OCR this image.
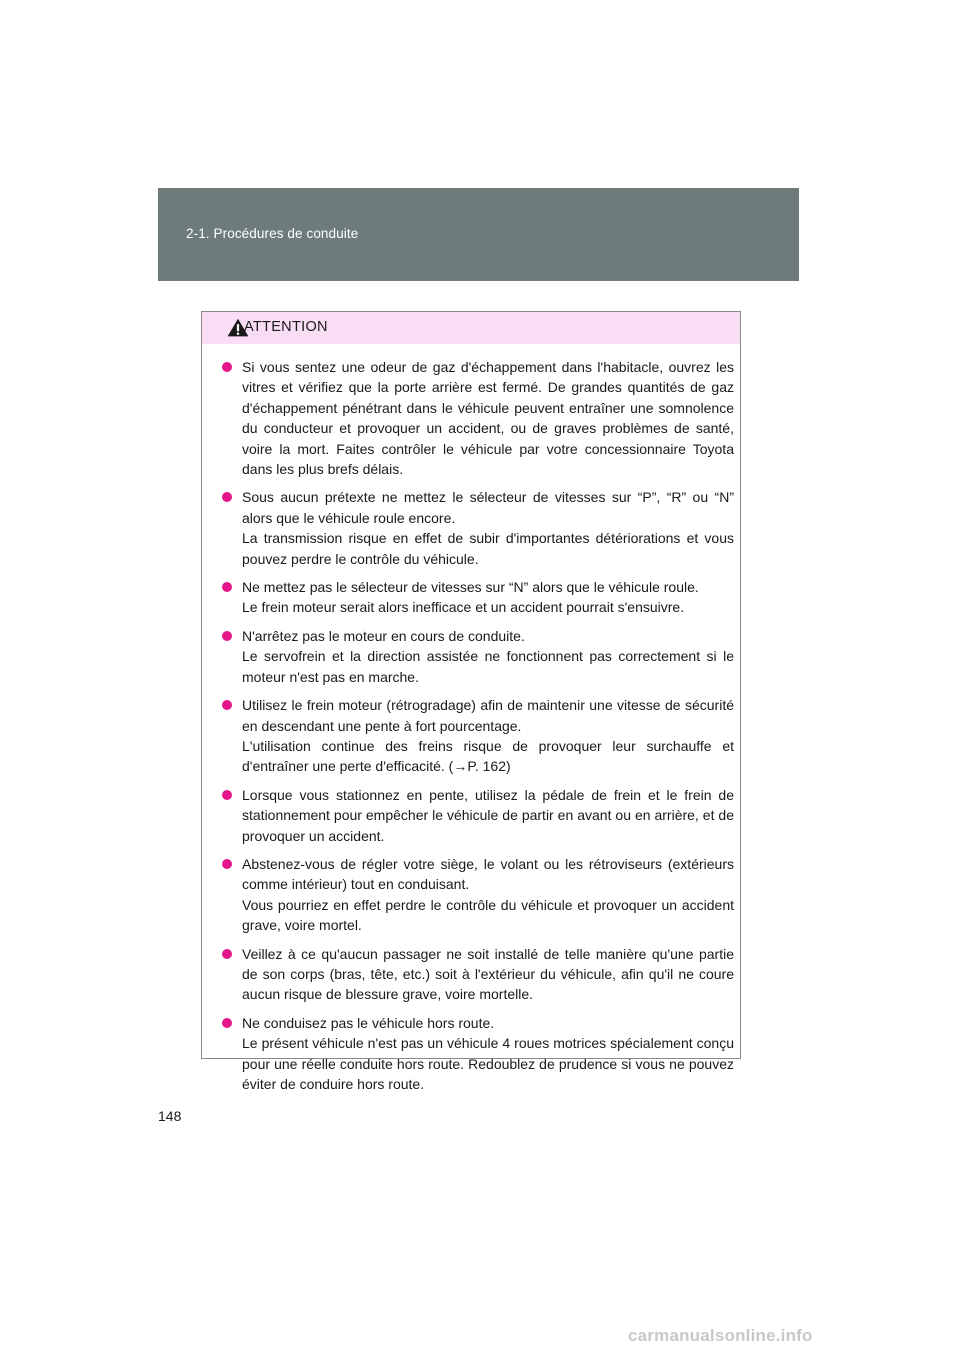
2-1. Procédures de conduite
ATTENTION
Si vous sentez une odeur de gaz d'échappement dans l'habitacle, ouvrez les vitres et vérifiez que la porte arrière est fermé. De grandes quantités de gaz d'échappement pénétrant dans le véhicule peuvent entraîner une somnolence du conducteur et provoquer un accident, ou de graves problèmes de santé, voire la mort. Faites contrôler le véhicule par votre concessionnaire Toyota dans les plus brefs délais.
Sous aucun prétexte ne mettez le sélecteur de vitesses sur “P”, “R” ou “N” alors que le véhicule roule encore.
La transmission risque en effet de subir d'importantes détériorations et vous pouvez perdre le contrôle du véhicule.
Ne mettez pas le sélecteur de vitesses sur “N” alors que le véhicule roule.
Le frein moteur serait alors inefficace et un accident pourrait s'ensuivre.
N'arrêtez pas le moteur en cours de conduite.
Le servofrein et la direction assistée ne fonctionnent pas correctement si le moteur n'est pas en marche.
Utilisez le frein moteur (rétrogradage) afin de maintenir une vitesse de sécurité en descendant une pente à fort pourcentage.
L'utilisation continue des freins risque de provoquer leur surchauffe et d'entraîner une perte d'efficacité. (→P. 162)
Lorsque vous stationnez en pente, utilisez la pédale de frein et le frein de stationnement pour empêcher le véhicule de partir en avant ou en arrière, et de provoquer un accident.
Abstenez-vous de régler votre siège, le volant ou les rétroviseurs (extérieurs comme intérieur) tout en conduisant.
Vous pourriez en effet perdre le contrôle du véhicule et provoquer un accident grave, voire mortel.
Veillez à ce qu'aucun passager ne soit installé de telle manière qu'une partie de son corps (bras, tête, etc.) soit à l'extérieur du véhicule, afin qu'il ne coure aucun risque de blessure grave, voire mortelle.
Ne conduisez pas le véhicule hors route.
Le présent véhicule n'est pas un véhicule 4 roues motrices spécialement conçu pour une réelle conduite hors route. Redoublez de prudence si vous ne pouvez éviter de conduire hors route.
148
carmanualsonline.info
